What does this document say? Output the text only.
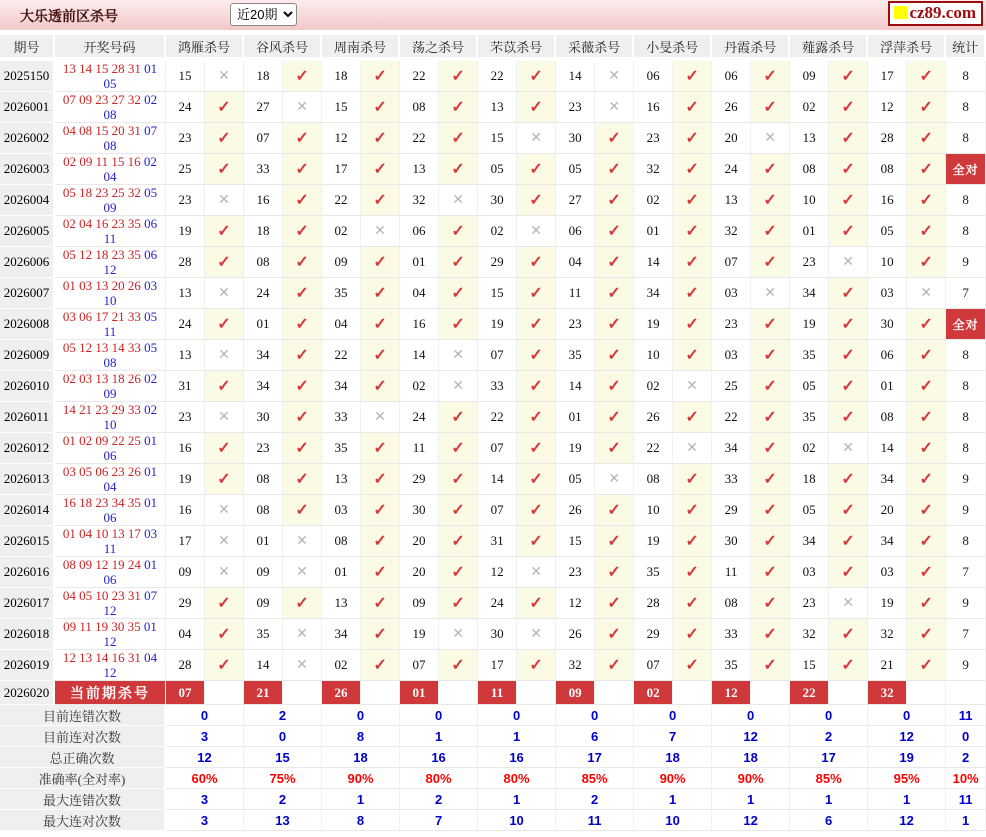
大乐透前区杀号
近20期	cz89.com
期号	开奖号码	鸿雁杀号		谷风杀号		周南杀号		荡之杀号		芣苡杀号		采薇杀号		小旻杀号		丹霞杀号		薤露杀号		浮萍杀号		统计
2025150	13 14 15 28 31 01
05	15	✕	18	✓	18	✓	22	✓	22	✓	14	✕	06	✓	06	✓	09	✓	17	✓	8
2026001	07 09 23 27 32 02
08	24	✓	27	✕	15	✓	08	✓	13	✓	23	✕	16	✓	26	✓	02	✓	12	✓	8
2026002	04 08 15 20 31 07
08	23	✓	07	✓	12	✓	22	✓	15	✕	30	✓	23	✓	20	✕	13	✓	28	✓	8
2026003	02 09 11 15 16 02
04	25	✓	33	✓	17	✓	13	✓	05	✓	05	✓	32	✓	24	✓	08	✓	08	✓	全对
2026004	05 18 23 25 32 05
09	23	✕	16	✓	22	✓	32	✕	30	✓	27	✓	02	✓	13	✓	10	✓	16	✓	8
2026005	02 04 16 23 35 06
11	19	✓	18	✓	02	✕	06	✓	02	✕	06	✓	01	✓	32	✓	01	✓	05	✓	8
2026006	05 12 18 23 35 06
12	28	✓	08	✓	09	✓	01	✓	29	✓	04	✓	14	✓	07	✓	23	✕	10	✓	9
2026007	01 03 13 20 26 03
10	13	✕	24	✓	35	✓	04	✓	15	✓	11	✓	34	✓	03	✕	34	✓	03	✕	7
2026008	03 06 17 21 33 05
11	24	✓	01	✓	04	✓	16	✓	19	✓	23	✓	19	✓	23	✓	19	✓	30	✓	全对
2026009	05 12 13 14 33 05
08	13	✕	34	✓	22	✓	14	✕	07	✓	35	✓	10	✓	03	✓	35	✓	06	✓	8
2026010	02 03 13 18 26 02
09	31	✓	34	✓	34	✓	02	✕	33	✓	14	✓	02	✕	25	✓	05	✓	01	✓	8
2026011	14 21 23 29 33 02
10	23	✕	30	✓	33	✕	24	✓	22	✓	01	✓	26	✓	22	✓	35	✓	08	✓	8
2026012	01 02 09 22 25 01
06	16	✓	23	✓	35	✓	11	✓	07	✓	19	✓	22	✕	34	✓	02	✕	14	✓	8
2026013	03 05 06 23 26 01
04	19	✓	08	✓	13	✓	29	✓	14	✓	05	✕	08	✓	33	✓	18	✓	34	✓	9
2026014	16 18 23 34 35 01
06	16	✕	08	✓	03	✓	30	✓	07	✓	26	✓	10	✓	29	✓	05	✓	20	✓	9
2026015	01 04 10 13 17 03
11	17	✕	01	✕	08	✓	20	✓	31	✓	15	✓	19	✓	30	✓	34	✓	34	✓	8
2026016	08 09 12 19 24 01
06	09	✕	09	✕	01	✓	20	✓	12	✕	23	✓	35	✓	11	✓	03	✓	03	✓	7
2026017	04 05 10 23 31 07
12	29	✓	09	✓	13	✓	09	✓	24	✓	12	✓	28	✓	08	✓	23	✕	19	✓	9
2026018	09 11 19 30 35 01
12	04	✓	35	✕	34	✓	19	✕	30	✕	26	✓	29	✓	33	✓	32	✓	32	✓	7
2026019	12 13 14 16 31 04
12	28	✓	14	✕	02	✓	07	✓	17	✓	32	✓	07	✓	35	✓	15	✓	21	✓	9
2026020	当前期杀号	07		21		26		01		11		09		02		12		22		32		
目前连错次数		0		2		0		0		0		0		0		0		0		0		11
目前连对次数		3		0		8		1		1		6		7		12		2		12		0
总正确次数		12		15		18		16		16		17		18		18		17		19		2
准确率(全对率)		60%		75%		90%		80%		80%		85%		90%		90%		85%		95%		10%
最大连错次数		3		2		1		2		1		2		1		1		1		1		11
最大连对次数		3		13		8		7		10		11		10		12		6		12		1
